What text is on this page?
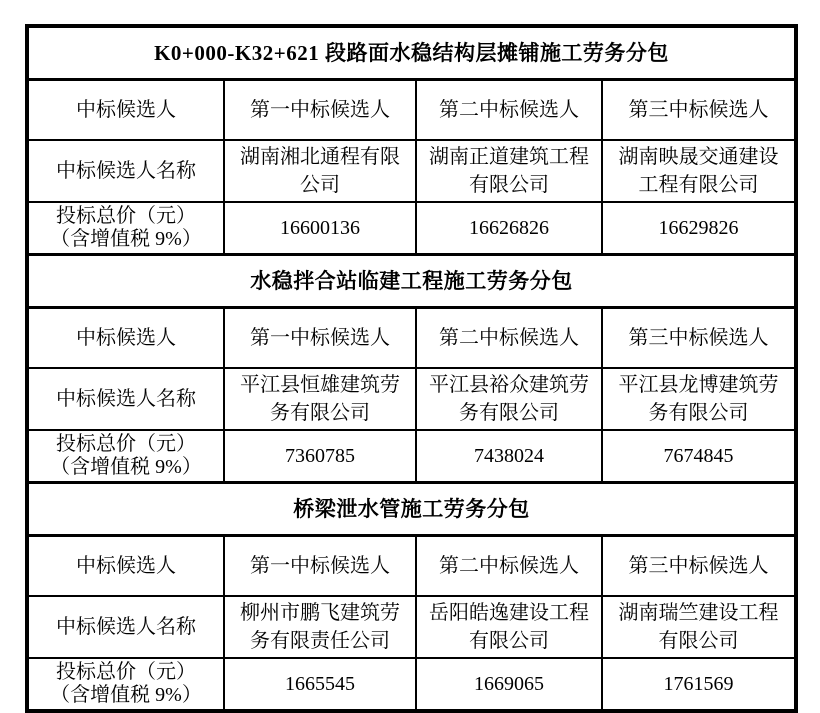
K0+000-K32+621 段路面水稳结构层摊铺施工劳务分包			
中标候选人	第一中标候选人	第二中标候选人	第三中标候选人
中标候选人名称	湖南湘北通程有限公司	湖南正道建筑工程有限公司	湖南映晟交通建设工程有限公司

投标总价（元）
（含增值税 9%）	16600136	16626826	16629826
水稳拌合站临建工程施工劳务分包			
中标候选人	第一中标候选人	第二中标候选人	第三中标候选人
中标候选人名称	平江县恒雄建筑劳务有限公司	平江县裕众建筑劳务有限公司	平江县龙博建筑劳务有限公司

投标总价（元）
（含增值税 9%）	7360785	7438024	7674845
桥梁泄水管施工劳务分包			
中标候选人	第一中标候选人	第二中标候选人	第三中标候选人
中标候选人名称	柳州市鹏飞建筑劳务有限责任公司	岳阳皓逸建设工程有限公司	湖南瑞竺建设工程有限公司

投标总价（元）
（含增值税 9%）	1665545	1669065	1761569
